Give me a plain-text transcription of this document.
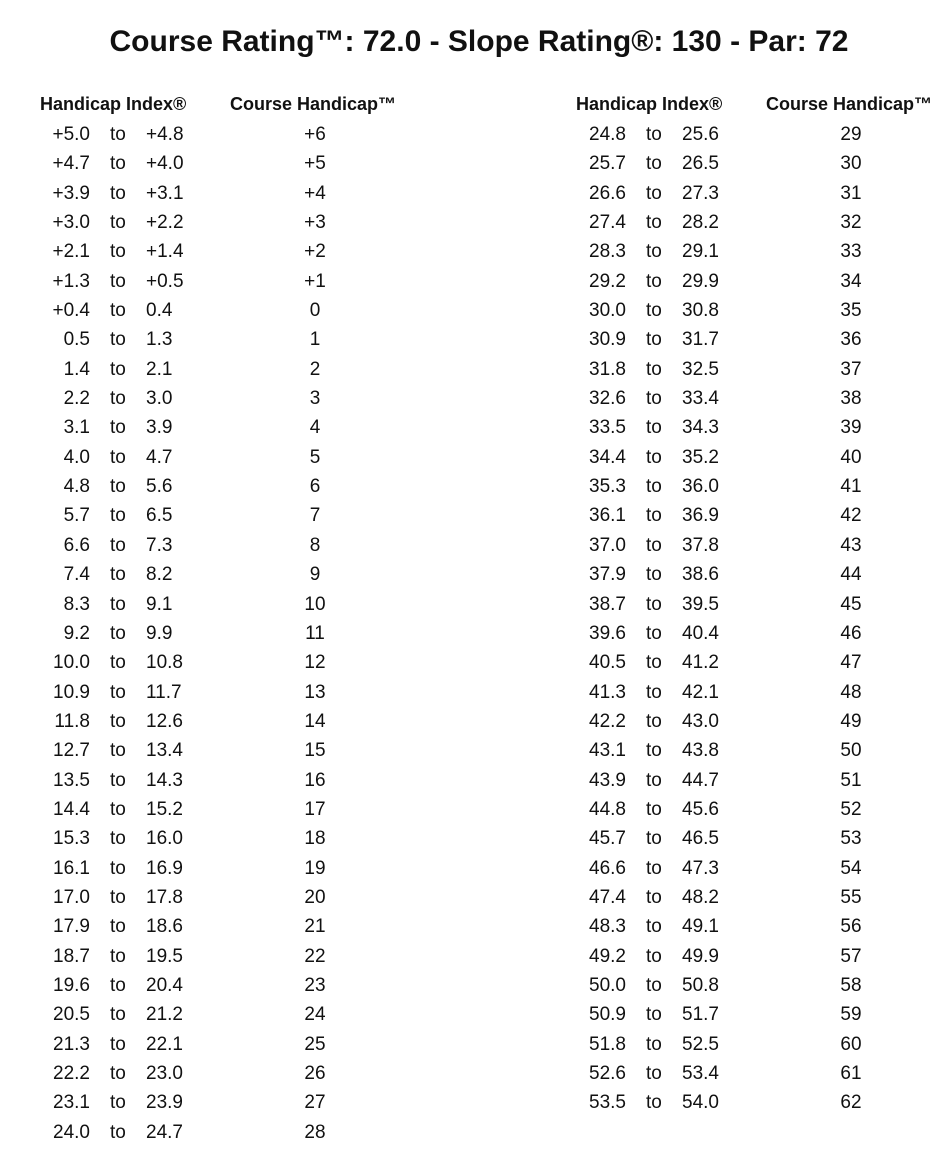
Course Rating™: 72.0 - Slope Rating®: 130 - Par: 72
Handicap Index® Course Handicap™
+5.0 to +4.8	+6
+4.7 to +4.0	+5
+3.9 to +3.1	+4
+3.0 to +2.2	+3
+2.1 to +1.4	+2
+1.3 to +0.5	+1
+0.4 to 0.4	0
0.5 to 1.3	1
1.4 to 2.1	2
2.2 to 3.0	3
3.1 to 3.9	4
4.0 to 4.7	5
4.8 to 5.6	6
5.7 to 6.5	7
6.6 to 7.3	8
7.4 to 8.2	9
8.3 to 9.1	10
9.2 to 9.9	11
10.0 to 10.8	12
10.9 to 11.7	13
11.8 to 12.6	14
12.7 to 13.4	15
13.5 to 14.3	16
14.4 to 15.2	17
15.3 to 16.0	18
16.1 to 16.9	19
17.0 to 17.8	20
17.9 to 18.6	21
18.7 to 19.5	22
19.6 to 20.4	23
20.5 to 21.2	24
21.3 to 22.1	25
22.2 to 23.0	26
23.1 to 23.9	27
24.0 to 24.7	28
Handicap Index® Course Handicap™
24.8 to 25.6	29
25.7 to 26.5	30
26.6 to 27.3	31
27.4 to 28.2	32
28.3 to 29.1	33
29.2 to 29.9	34
30.0 to 30.8	35
30.9 to 31.7	36
31.8 to 32.5	37
32.6 to 33.4	38
33.5 to 34.3	39
34.4 to 35.2	40
35.3 to 36.0	41
36.1 to 36.9	42
37.0 to 37.8	43
37.9 to 38.6	44
38.7 to 39.5	45
39.6 to 40.4	46
40.5 to 41.2	47
41.3 to 42.1	48
42.2 to 43.0	49
43.1 to 43.8	50
43.9 to 44.7	51
44.8 to 45.6	52
45.7 to 46.5	53
46.6 to 47.3	54
47.4 to 48.2	55
48.3 to 49.1	56
49.2 to 49.9	57
50.0 to 50.8	58
50.9 to 51.7	59
51.8 to 52.5	60
52.6 to 53.4	61
53.5 to 54.0	62
